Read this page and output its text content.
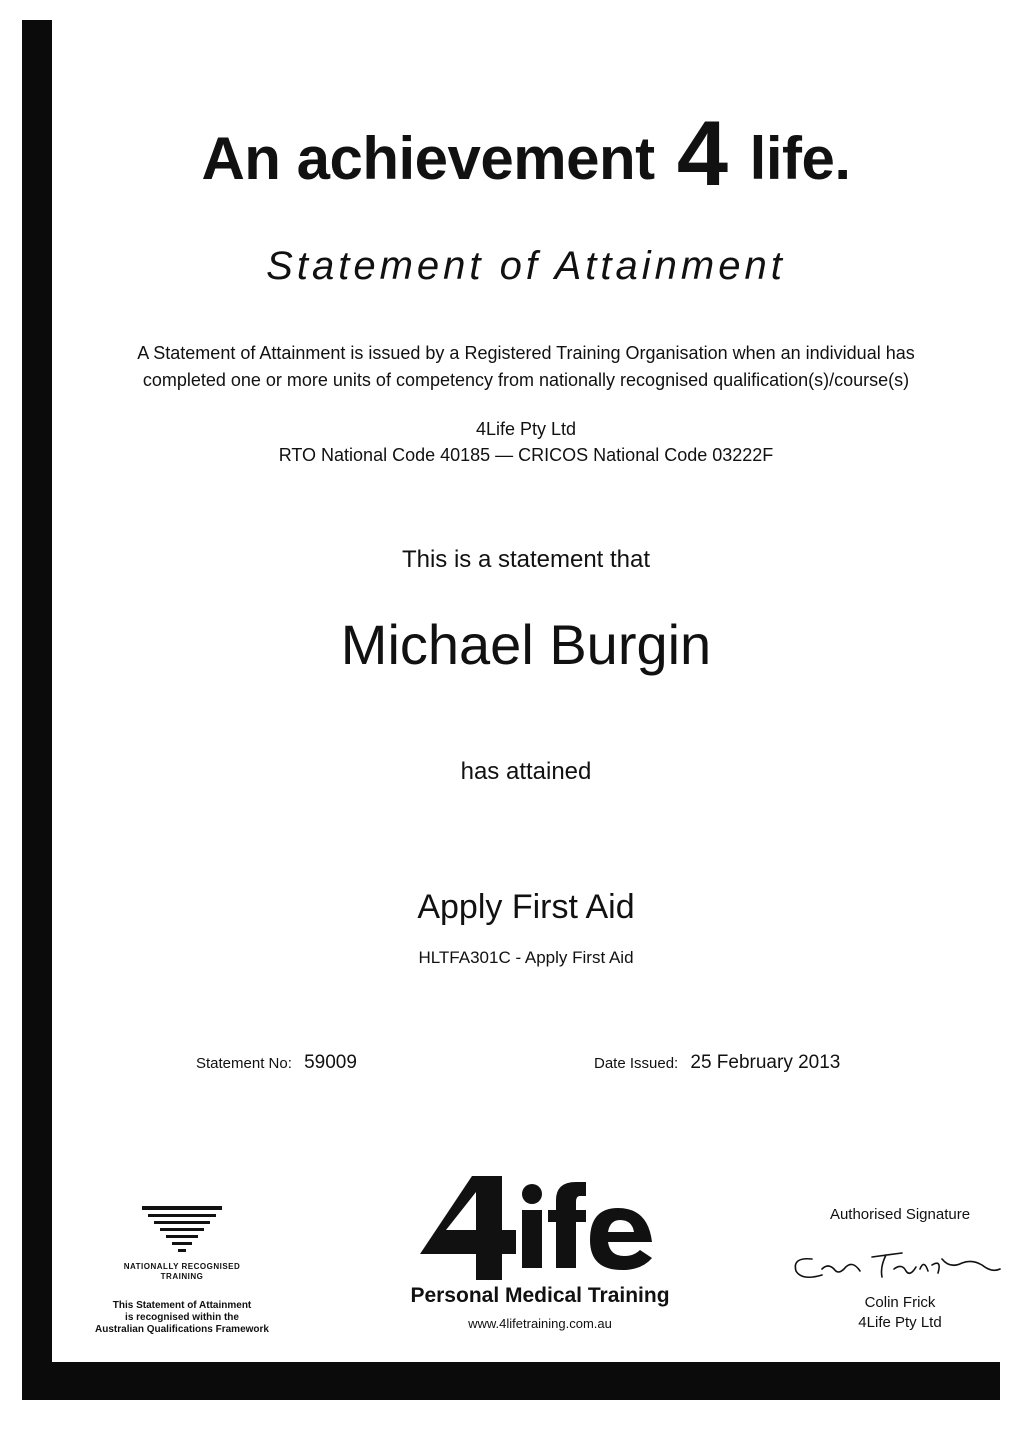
An achievement 4 life.
Statement of Attainment
A Statement of Attainment is issued by a Registered Training Organisation when an individual has
completed one or more units of competency from nationally recognised qualification(s)/course(s)
4Life Pty Ltd
RTO National Code 40185 — CRICOS National Code 03222F
This is a statement that
Michael Burgin
has attained
Apply First Aid
HLTFA301C - Apply First Aid
Statement No: 59009	Date Issued: 25 February 2013
NATIONALLY RECOGNISED
TRAINING
This Statement of Attainment
is recognised within the
Australian Qualifications Framework
Personal Medical Training
www.4lifetraining.com.au
Authorised Signature
Colin Frick
4Life Pty Ltd
